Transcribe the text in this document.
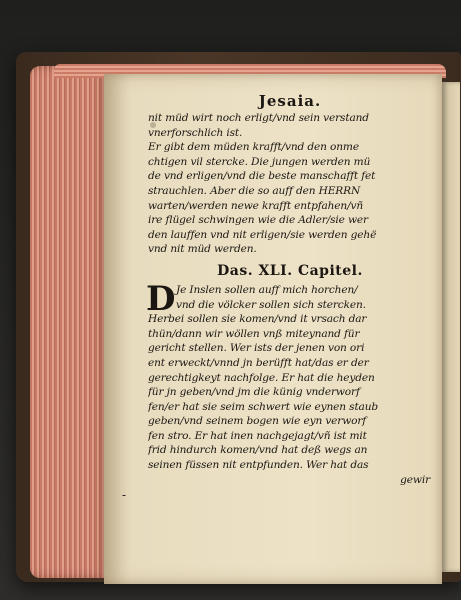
Jesaia.
nit müd wirt noch erligt/vnd sein verstand
vnerforschlich ist.
Er gibt dem müden krafft/vnd den onme
chtigen vil stercke. Die jungen werden mü
de vnd erligen/vnd die beste manschafft fet
strauchlen. Aber die so auff den HERRN
warten/werden newe krafft entpfahen/vñ
ire flügel schwingen wie die Adler/sie wer
den lauffen vnd nit erligen/sie werden gehë
vnd nit müd werden.
Das. XLI. Capitel.
D Je Inslen sollen auff mich horchen/
vnd die völcker sollen sich stercken.
Herbei sollen sie komen/vnd it vrsach dar
thün/dann wir wöllen vnß miteynand für
gericht stellen. Wer ists der jenen von ori
ent erweckt/vnnd jn berüfft hat/das er der
gerechtigkeyt nachfolge. Er hat die heyden
für jn geben/vnd jm die künig vnderworf
fen/er hat sie seim schwert wie eynen staub
geben/vnd seinem bogen wie eyn verworf
fen stro. Er hat inen nachgejagt/vñ ist mit
frid hindurch komen/vnd hat deß wegs an
seinen füssen nit entpfunden. Wer hat das
gewir
-
